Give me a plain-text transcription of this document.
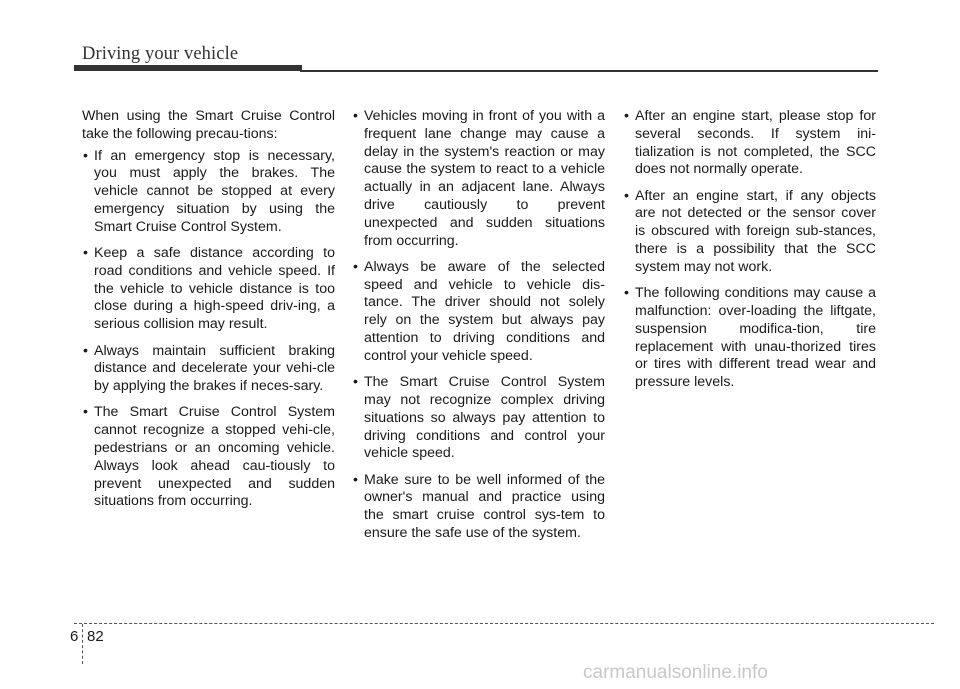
Driving your vehicle

When using the Smart Cruise Control take the following precau-tions:

• If an emergency stop is necessary, you must apply the brakes. The vehicle cannot be stopped at every emergency situation by using the Smart Cruise Control System.
• Keep a safe distance according to road conditions and vehicle speed. If the vehicle to vehicle distance is too close during a high-speed driv-ing, a serious collision may result.
• Always maintain sufficient braking distance and decelerate your vehi-cle by applying the brakes if neces-sary.
• The Smart Cruise Control System cannot recognize a stopped vehi-cle, pedestrians or an oncoming vehicle. Always look ahead cau-tiously to prevent unexpected and sudden situations from occurring.
• Vehicles moving in front of you with a frequent lane change may cause a delay in the system's reaction or may cause the system to react to a vehicle actually in an adjacent lane. Always drive cautiously to prevent unexpected and sudden situations from occurring.
• Always be aware of the selected speed and vehicle to vehicle dis-tance. The driver should not solely rely on the system but always pay attention to driving conditions and control your vehicle speed.
• The Smart Cruise Control System may not recognize complex driving situations so always pay attention to driving conditions and control your vehicle speed.
• Make sure to be well informed of the owner's manual and practice using the smart cruise control sys-tem to ensure the safe use of the system.
• After an engine start, please stop for several seconds. If system ini-tialization is not completed, the SCC does not normally operate.
• After an engine start, if any objects are not detected or the sensor cover is obscured with foreign sub-stances, there is a possibility that the SCC system may not work.
• The following conditions may cause a malfunction: over-loading the liftgate, suspension modifica-tion, tire replacement with unau-thorized tires or tires with different tread wear and pressure levels.
6 82
carmanualsonline.info
